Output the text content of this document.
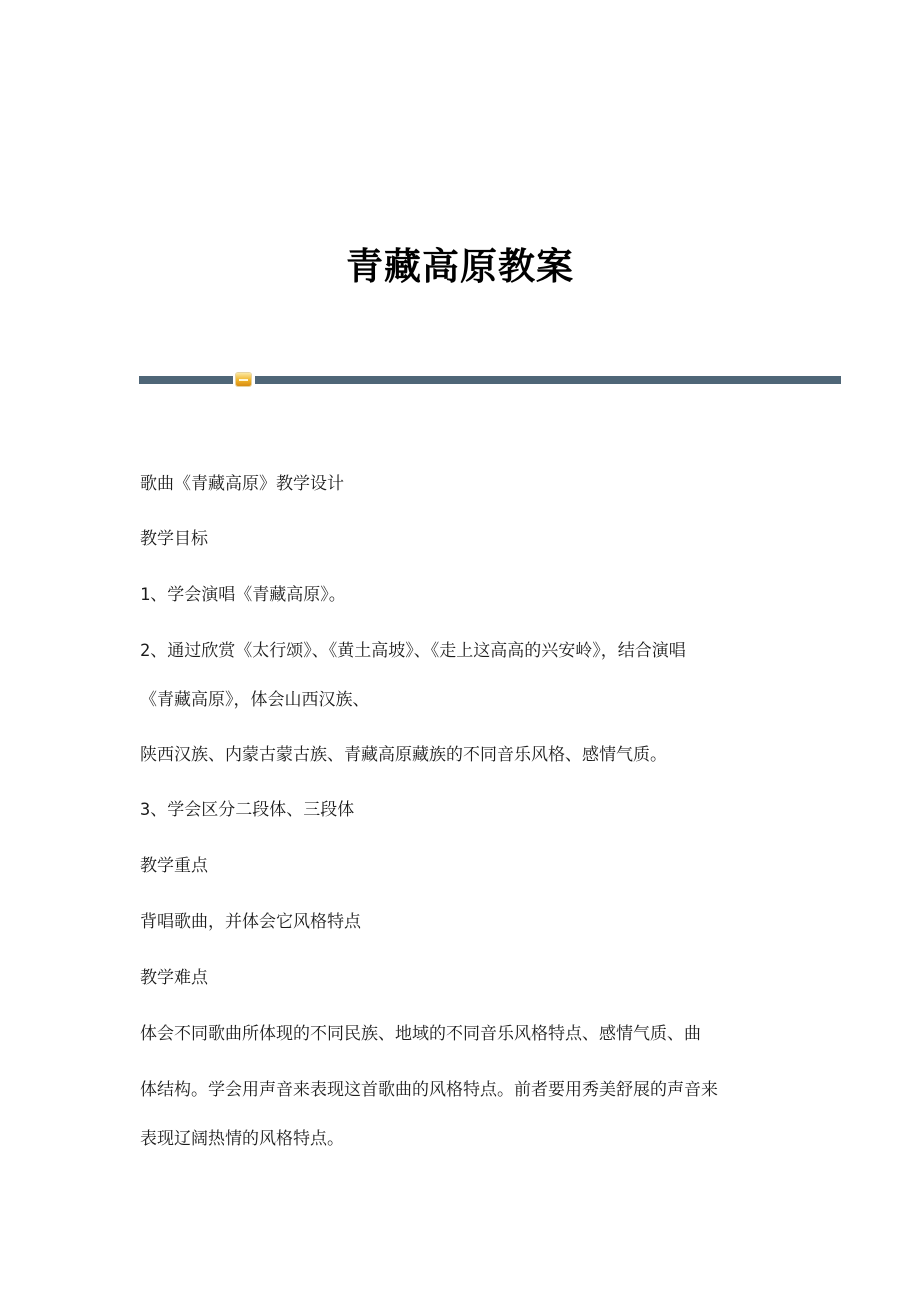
青藏高原教案
歌曲《青藏高原》教学设计
教学目标
1、学会演唱《青藏高原》。
2、通过欣赏《太行颂》、《黄土高坡》、《走上这高高的兴安岭》，结合演唱
《青藏高原》，体会山西汉族、
陕西汉族、内蒙古蒙古族、青藏高原藏族的不同音乐风格、感情气质。
3、学会区分二段体、三段体
教学重点
背唱歌曲，并体会它风格特点
教学难点
体会不同歌曲所体现的不同民族、地域的不同音乐风格特点、感情气质、曲
体结构。学会用声音来表现这首歌曲的风格特点。前者要用秀美舒展的声音来
表现辽阔热情的风格特点。
